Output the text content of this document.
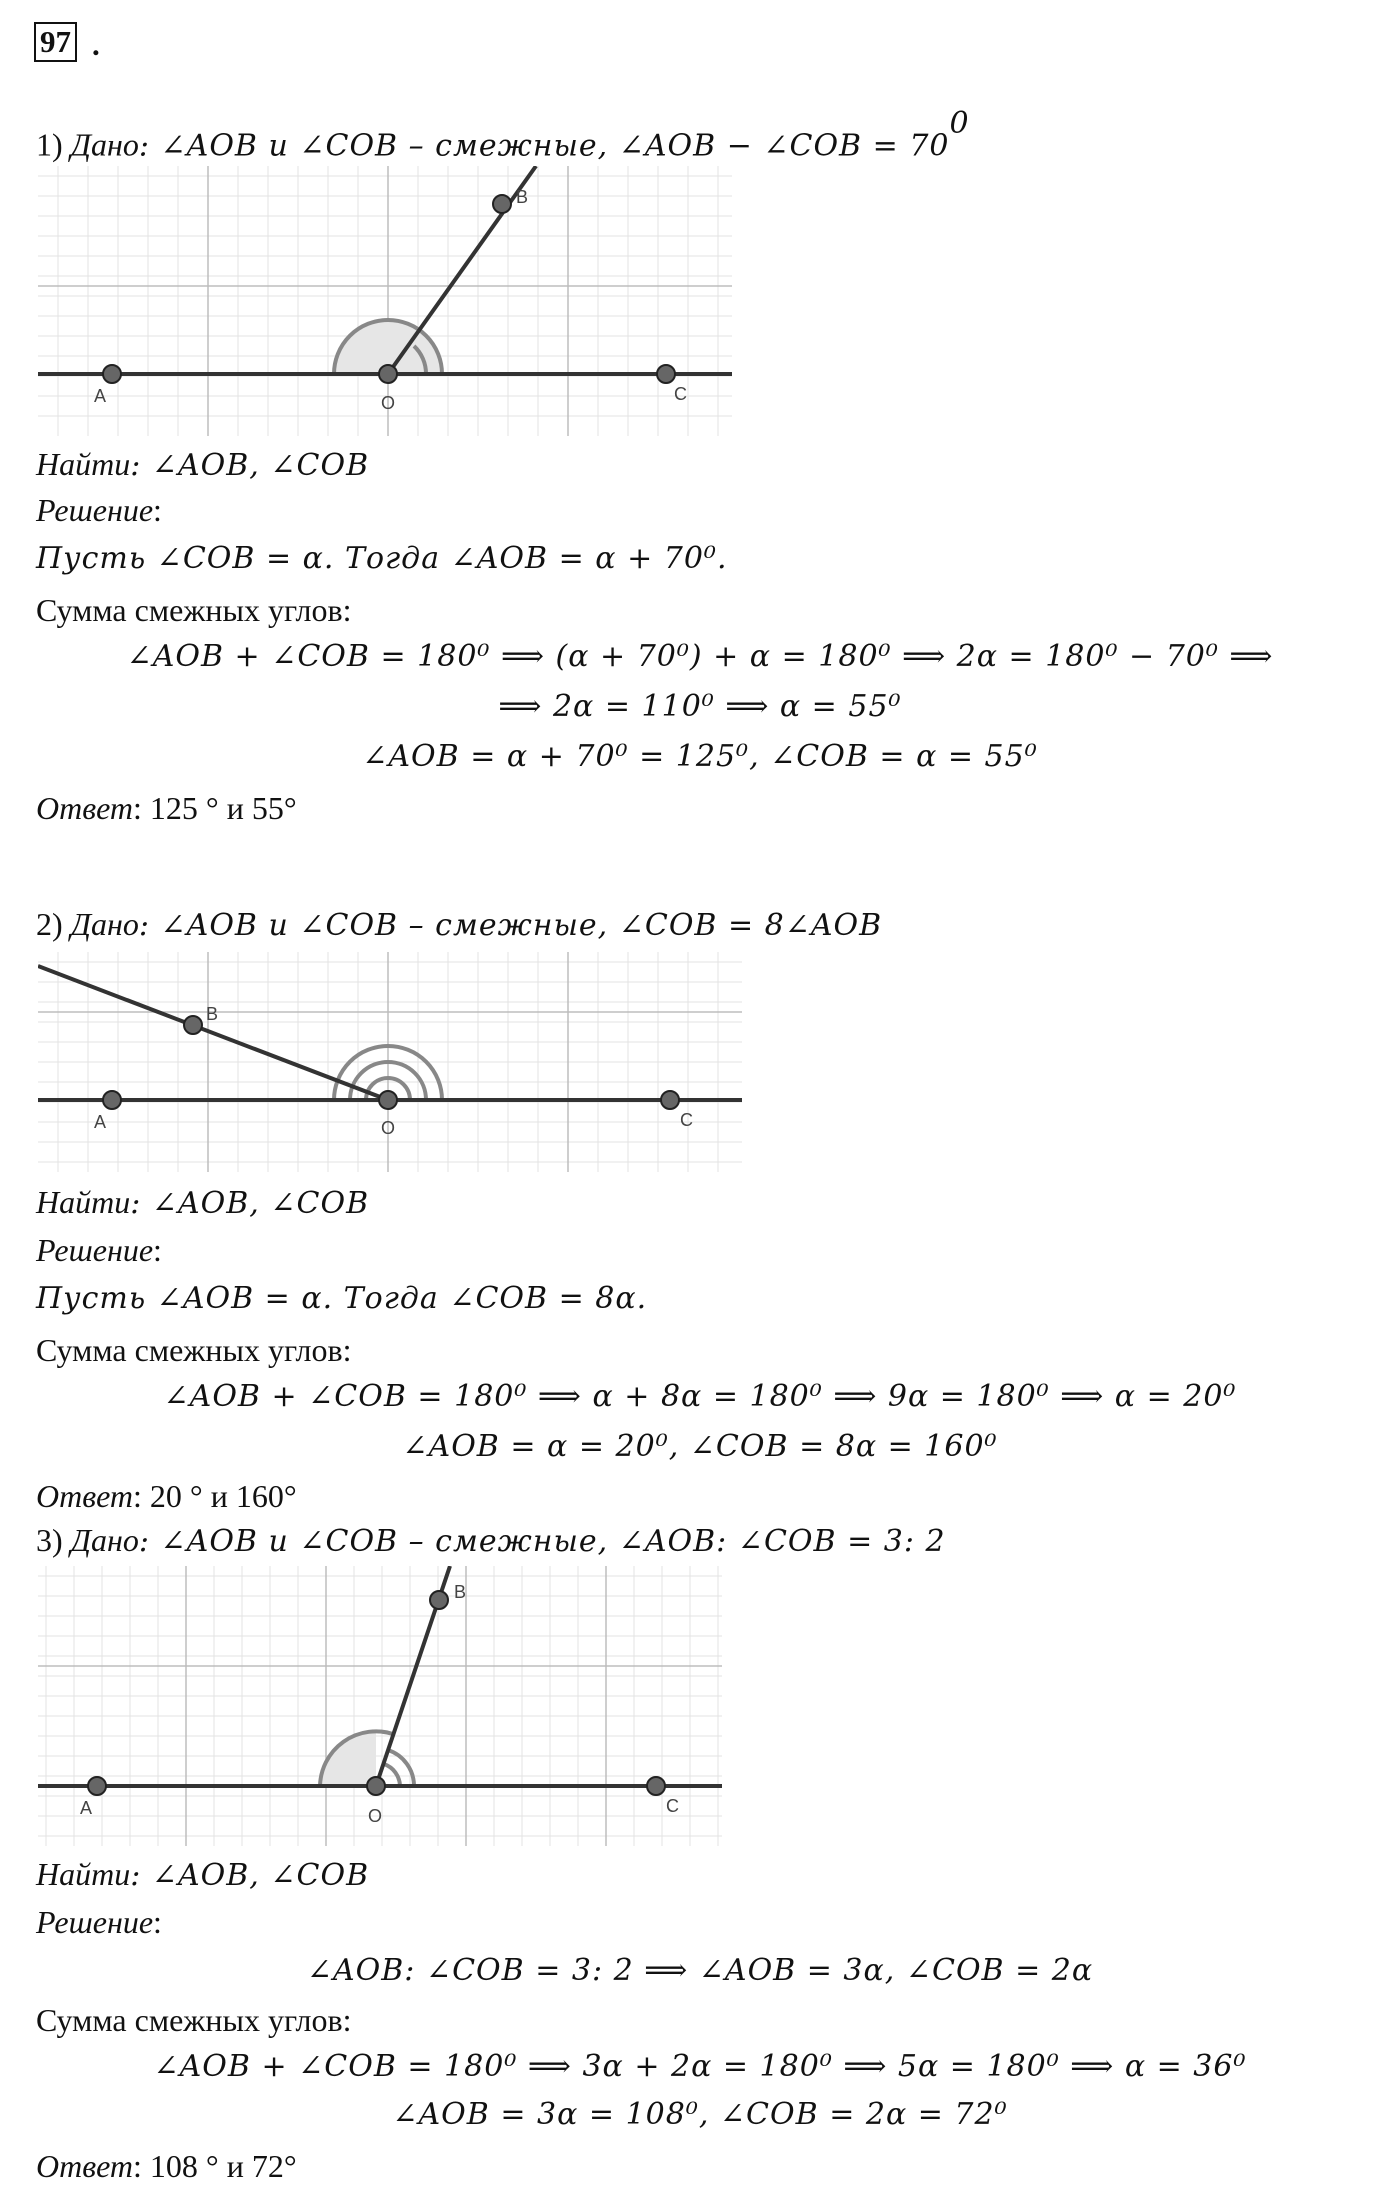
97 .
1) Дано: ∠AOB и ∠COB – смежные, ∠AOB − ∠COB = $70^0$
A	O	C
B
Найти: ∠AOB, ∠COB
Решение:
Пусть ∠COB = α. Тогда ∠AOB = α + 70⁰.
Сумма смежных углов:
∠AOB + ∠COB = 180⁰ ⟹ (α + 70⁰) + α = 180⁰ ⟹ 2α = 180⁰ − 70⁰ ⟹
⟹ 2α = 110⁰ ⟹ α = 55⁰
∠AOB = α + 70⁰ = 125⁰, ∠COB = α = 55⁰
Ответ: 125 ° и 55°
2) Дано: ∠AOB и ∠COB – смежные, ∠COB = 8∠AOB
A	O	C
B
Найти: ∠AOB, ∠COB
Решение:
Пусть ∠AOB = α. Тогда ∠COB = 8α.
Сумма смежных углов:
∠AOB + ∠COB = 180⁰ ⟹ α + 8α = 180⁰ ⟹ 9α = 180⁰ ⟹ α = 20⁰
∠AOB = α = 20⁰, ∠COB = 8α = 160⁰
Ответ: 20 ° и 160°
3) Дано: ∠AOB и ∠COB – смежные, ∠AOB: ∠COB = 3: 2
A	O	C
B
Найти: ∠AOB, ∠COB
Решение:
∠AOB: ∠COB = 3: 2 ⟹ ∠AOB = 3α, ∠COB = 2α
Сумма смежных углов:
∠AOB + ∠COB = 180⁰ ⟹ 3α + 2α = 180⁰ ⟹ 5α = 180⁰ ⟹ α = 36⁰
∠AOB = 3α = 108⁰, ∠COB = 2α = 72⁰
Ответ: 108 ° и 72°
